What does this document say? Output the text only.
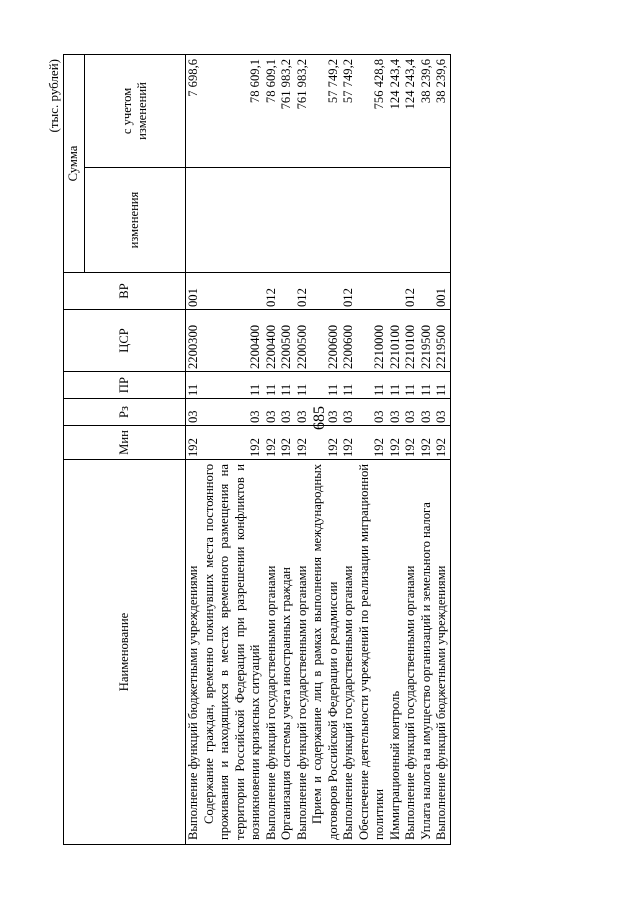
685
(тыс. рублей)
Наименование	Мин	Рз	ПР	ЦСР	ВР	Сумма	
						изменения	с учетом изменений
Выполнение функций бюджетными учреждениями	192	03	11	2200300	001		7 698,6
Содержание граждан, временно покинувших места постоянного проживания и находящихся в местах временного размещения на территории Российской Федерации при разрешении конфликтов и возникновении кризисных ситуаций	192	03	11	2200400			78 609,1
Выполнение функций государственными органами	192	03	11	2200400	012		78 609,1
Организация системы учета иностранных граждан	192	03	11	2200500			761 983,2
Выполнение функций государственными органами	192	03	11	2200500	012		761 983,2
Прием и содержание лиц в рамках выполнения международных договоров Российской Федерации о реадмиссии	192	03	11	2200600			57 749,2
Выполнение функций государственными органами	192	03	11	2200600	012		57 749,2
Обеспечение деятельности учреждений по реализации миграционной политики	192	03	11	2210000			756 428,8
Иммиграционный контроль	192	03	11	2210100			124 243,4
Выполнение функций государственными органами	192	03	11	2210100	012		124 243,4
Уплата налога на имущество организаций и земельного налога	192	03	11	2219500			38 239,6
Выполнение функций бюджетными учреждениями	192	03	11	2219500	001		38 239,6
